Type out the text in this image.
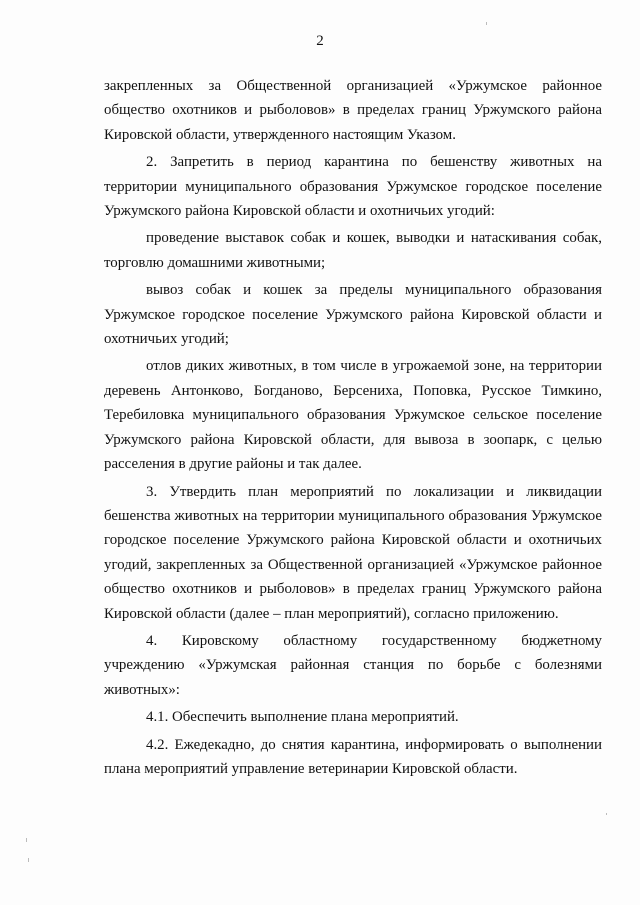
2

закрепленных за Общественной организацией «Уржумское районное общество охотников и рыболовов» в пределах границ Уржумского района Кировской области, утвержденного настоящим Указом.

2. Запретить в период карантина по бешенству животных на территории муниципального образования Уржумское городское поселение Уржумского района Кировской области и охотничьих угодий:

проведение выставок собак и кошек, выводки и натаскивания собак, торговлю домашними животными;

вывоз собак и кошек за пределы муниципального образования Уржумское городское поселение Уржумского района Кировской области и охотничьих угодий;

отлов диких животных, в том числе в угрожаемой зоне, на территории деревень Антонково, Богданово, Берсениха, Поповка, Русское Тимкино, Теребиловка муниципального образования Уржумское сельское поселение Уржумского района Кировской области, для вывоза в зоопарк, с целью расселения в другие районы и так далее.

3. Утвердить план мероприятий по локализации и ликвидации бешенства животных на территории муниципального образования Уржумское городское поселение Уржумского района Кировской области и охотничьих угодий, закрепленных за Общественной организацией «Уржумское районное общество охотников и рыболовов» в пределах границ Уржумского района Кировской области (далее – план мероприятий), согласно приложению.

4. Кировскому областному государственному бюджетному учреждению «Уржумская районная станция по борьбе с болезнями животных»:

4.1. Обеспечить выполнение плана мероприятий.

4.2. Ежедекадно, до снятия карантина, информировать о выполнении плана мероприятий управление ветеринарии Кировской области.
